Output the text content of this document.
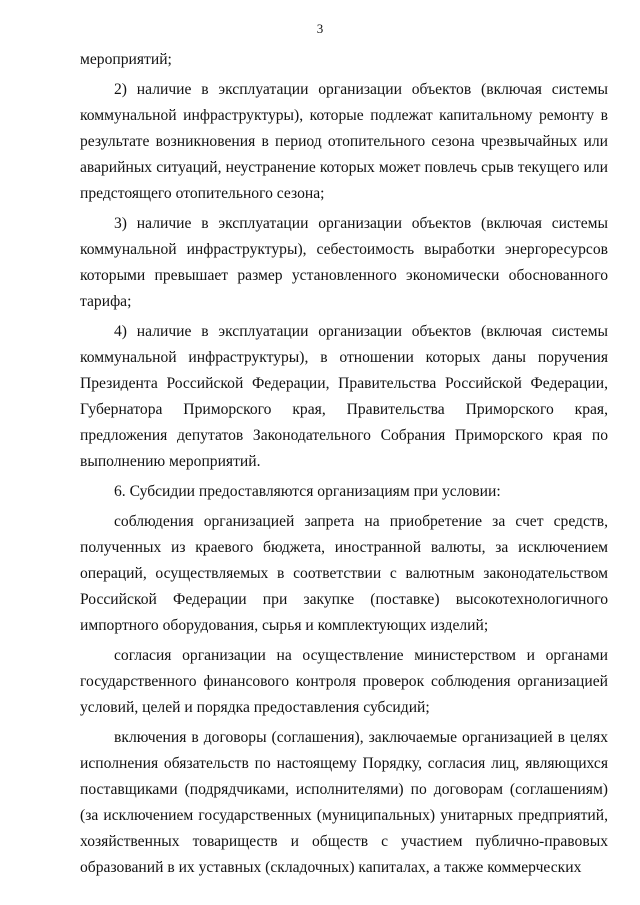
3

мероприятий;

2) наличие в эксплуатации организации объектов (включая системы коммунальной инфраструктуры), которые подлежат капитальному ремонту в результате возникновения в период отопительного сезона чрезвычайных или аварийных ситуаций, неустранение которых может повлечь срыв текущего или предстоящего отопительного сезона;

3) наличие в эксплуатации организации объектов (включая системы коммунальной инфраструктуры), себестоимость выработки энергоресурсов которыми превышает размер установленного экономически обоснованного тарифа;

4) наличие в эксплуатации организации объектов (включая системы коммунальной инфраструктуры), в отношении которых даны поручения Президента Российской Федерации, Правительства Российской Федерации, Губернатора Приморского края, Правительства Приморского края, предложения депутатов Законодательного Собрания Приморского края по выполнению мероприятий.

6. Субсидии предоставляются организациям при условии:

соблюдения организацией запрета на приобретение за счет средств, полученных из краевого бюджета, иностранной валюты, за исключением операций, осуществляемых в соответствии с валютным законодательством Российской Федерации при закупке (поставке) высокотехнологичного импортного оборудования, сырья и комплектующих изделий;

согласия организации на осуществление министерством и органами государственного финансового контроля проверок соблюдения организацией условий, целей и порядка предоставления субсидий;

включения в договоры (соглашения), заключаемые организацией в целях исполнения обязательств по настоящему Порядку, согласия лиц, являющихся поставщиками (подрядчиками, исполнителями) по договорам (соглашениям) (за исключением государственных (муниципальных) унитарных предприятий, хозяйственных товариществ и обществ с участием публично-правовых образований в их уставных (складочных) капиталах, а также коммерческих
